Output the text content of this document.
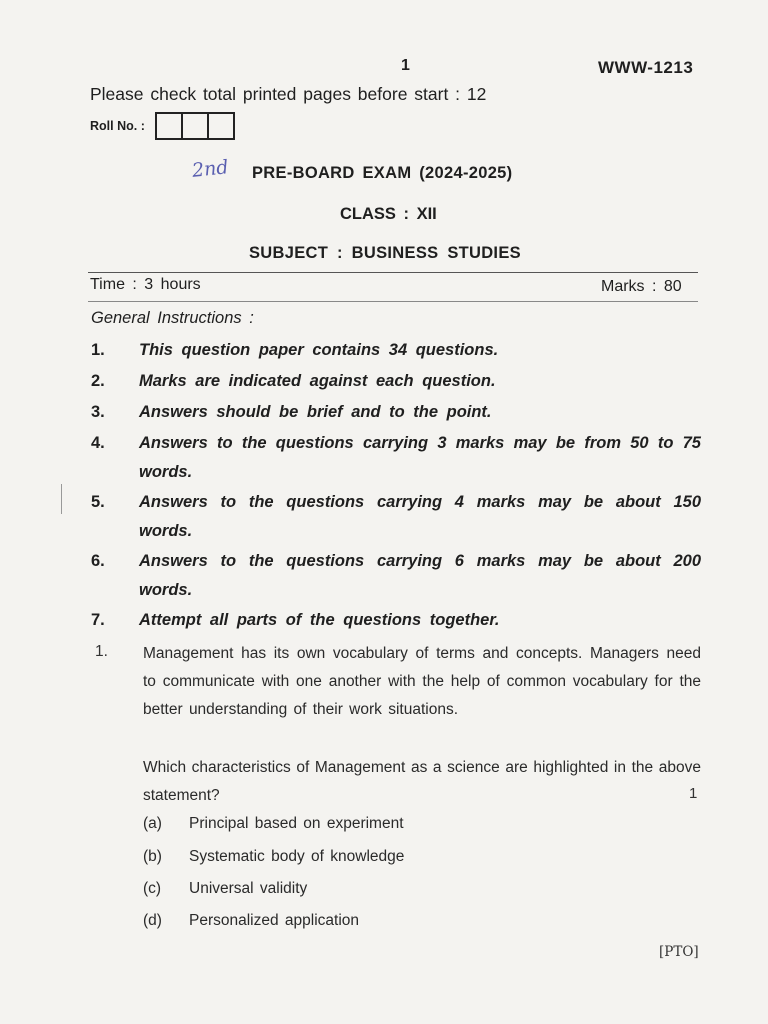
1	WWW-1213
Please check total printed pages before start : 12
Roll No. :
2nd PRE-BOARD EXAM (2024-2025)
CLASS : XII
SUBJECT : BUSINESS STUDIES
Time : 3 hours	Marks : 80
General Instructions :
1. This question paper contains 34 questions.
2. Marks are indicated against each question.
3. Answers should be brief and to the point.
4. Answers to the questions carrying 3 marks may be from 50 to 75 words.
5. Answers to the questions carrying 4 marks may be about 150 words.
6. Answers to the questions carrying 6 marks may be about 200 words.
7. Attempt all parts of the questions together.
1. Management has its own vocabulary of terms and concepts. Managers need to communicate with one another with the help of common vocabulary for the better understanding of their work situations.
Which characteristics of Management as a science are highlighted in the above statement?	1
(a) Principal based on experiment
(b) Systematic body of knowledge
(c) Universal validity
(d) Personalized application
[PTO]
